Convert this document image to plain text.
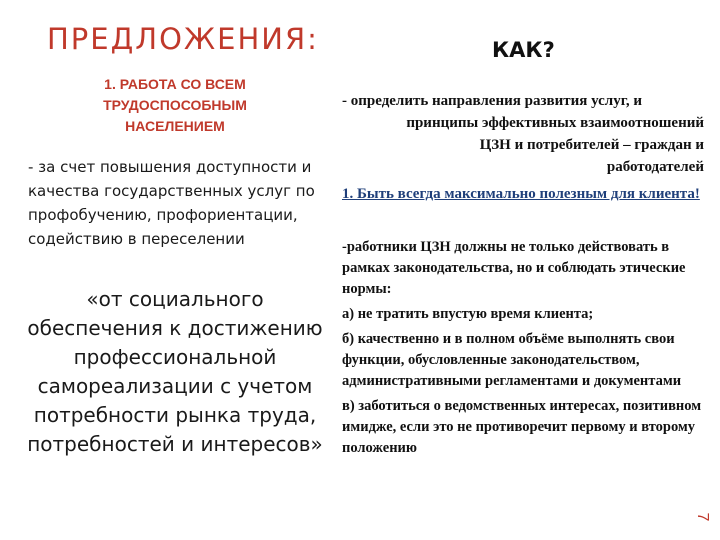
ПРЕДЛОЖЕНИЯ:
1. РАБОТА СО ВСЕМ
ТРУДОСПОСОБНЫМ
НАСЕЛЕНИЕМ
- за счет повышения доступности и качества государственных услуг по профобучению, профориентации, содействию в переселении
«от социального обеспечения к достижению профессиональной самореализации с учетом потребности рынка труда, потребностей и интересов»
КАК?
- определить направления развития услуг, и
принципы эффективных взаимоотношений
ЦЗН и потребителей – граждан и
работодателей
1. Быть всегда максимально полезным для клиента!

-работники ЦЗН должны не только действовать в рамках законодательства, но и соблюдать этические нормы:

а) не тратить впустую время клиента;

б) качественно и в полном объёме выполнять свои функции, обусловленные законодательством, административными регламентами и документами

в) заботиться о ведомственных интересах, позитивном имидже, если это не противоречит первому и второму положению

7
